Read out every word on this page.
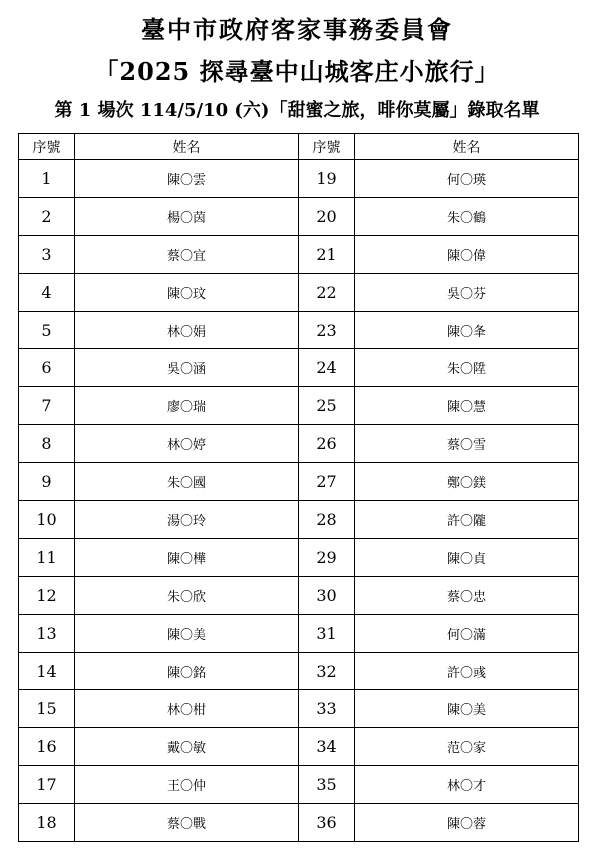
臺中市政府客家事務委員會
「2025 探尋臺中山城客庄小旅行」
第 1 場次 114/5/10 (六)「甜蜜之旅，啡你莫屬」錄取名單
序號	姓名	序號	姓名
1	陳〇雲	19	何〇瑛
2	楊〇茵	20	朱〇鶴
3	蔡〇宜	21	陳〇偉
4	陳〇玟	22	吳〇芬
5	林〇娟	23	陳〇夆
6	吳〇涵	24	朱〇陞
7	廖〇瑞	25	陳〇慧
8	林〇婷	26	蔡〇雪
9	朱〇國	27	鄭〇鎂
10	湯〇玲	28	許〇隴
11	陳〇樺	29	陳〇貞
12	朱〇欣	30	蔡〇忠
13	陳〇美	31	何〇滿
14	陳〇銘	32	許〇彧
15	林〇柑	33	陳〇美
16	戴〇敏	34	范〇家
17	王〇仲	35	林〇才
18	蔡〇戰	36	陳〇蓉
